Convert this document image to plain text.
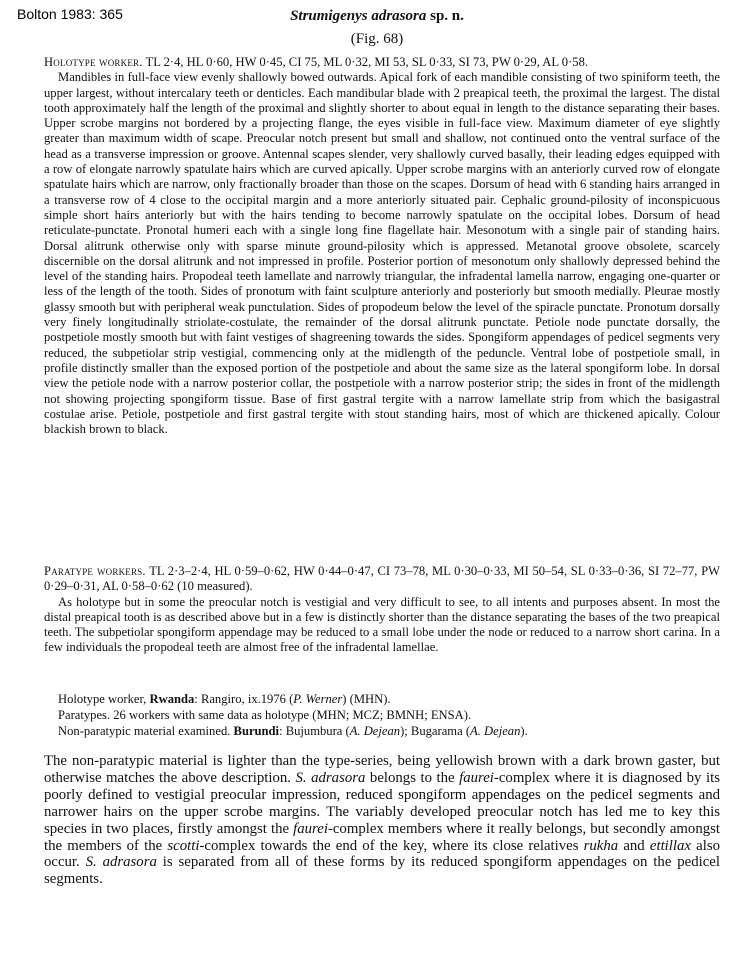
Bolton 1983: 365	Strumigenys adrasora sp. n.
(Fig. 68)

Holotype worker. TL 2·4, HL 0·60, HW 0·45, CI 75, ML 0·32, MI 53, SL 0·33, SI 73, PW 0·29, AL 0·58.

Mandibles in full-face view evenly shallowly bowed outwards. Apical fork of each mandible consisting of two spiniform teeth, the upper largest, without intercalary teeth or denticles. Each mandibular blade with 2 preapical teeth, the proximal the largest. The distal tooth approximately half the length of the proximal and slightly shorter to about equal in length to the distance separating their bases. Upper scrobe margins not bordered by a projecting flange, the eyes visible in full-face view. Maximum diameter of eye slightly greater than maximum width of scape. Preocular notch present but small and shallow, not continued onto the ventral surface of the head as a transverse impression or groove. Antennal scapes slender, very shallowly curved basally, their leading edges equipped with a row of elongate narrowly spatulate hairs which are curved apically. Upper scrobe margins with an anteriorly curved row of elongate spatulate hairs which are narrow, only fractionally broader than those on the scapes. Dorsum of head with 6 standing hairs arranged in a transverse row of 4 close to the occipital margin and a more anteriorly situated pair. Cephalic ground-pilosity of inconspicuous simple short hairs anteriorly but with the hairs tending to become narrowly spatulate on the occipital lobes. Dorsum of head reticulate-punctate. Pronotal humeri each with a single long fine flagellate hair. Mesonotum with a single pair of standing hairs. Dorsal alitrunk otherwise only with sparse minute ground-pilosity which is appressed. Metanotal groove obsolete, scarcely discernible on the dorsal alitrunk and not impressed in profile. Posterior portion of mesonotum only shallowly depressed behind the level of the standing hairs. Propodeal teeth lamellate and narrowly triangular, the infradental lamella narrow, engaging one-quarter or less of the length of the tooth. Sides of pronotum with faint sculpture anteriorly and posteriorly but smooth medially. Pleurae mostly glassy smooth but with peripheral weak punctulation. Sides of propodeum below the level of the spiracle punctate. Pronotum dorsally very finely longitudinally striolate-costulate, the remainder of the dorsal alitrunk punctate. Petiole node punctate dorsally, the postpetiole mostly smooth but with faint vestiges of shagreening towards the sides. Spongiform appendages of pedicel segments very reduced, the subpetiolar strip vestigial, commencing only at the midlength of the peduncle. Ventral lobe of postpetiole small, in profile distinctly smaller than the exposed portion of the postpetiole and about the same size as the lateral spongiform lobe. In dorsal view the petiole node with a narrow posterior collar, the postpetiole with a narrow posterior strip; the sides in front of the midlength not showing projecting spongiform tissue. Base of first gastral tergite with a narrow lamellate strip from which the basigastral costulae arise. Petiole, postpetiole and first gastral tergite with stout standing hairs, most of which are thickened apically. Colour blackish brown to black.

Paratype workers. TL 2·3–2·4, HL 0·59–0·62, HW 0·44–0·47, CI 73–78, ML 0·30–0·33, MI 50–54, SL 0·33–0·36, SI 72–77, PW 0·29–0·31, AL 0·58–0·62 (10 measured).

As holotype but in some the preocular notch is vestigial and very difficult to see, to all intents and purposes absent. In most the distal preapical tooth is as described above but in a few is distinctly shorter than the distance separating the bases of the two preapical teeth. The subpetiolar spongiform appendage may be reduced to a small lobe under the node or reduced to a narrow short carina. In a few individuals the propodeal teeth are almost free of the infradental lamellae.

Holotype worker, Rwanda: Rangiro, ix.1976 (P. Werner) (MHN).
Paratypes. 26 workers with same data as holotype (MHN; MCZ; BMNH; ENSA).
Non-paratypic material examined. Burundi: Bujumbura (A. Dejean); Bugarama (A. Dejean).
The non-paratypic material is lighter than the type-series, being yellowish brown with a dark brown gaster, but otherwise matches the above description. S. adrasora belongs to the faurei-complex where it is diagnosed by its poorly defined to vestigial preocular impression, reduced spongiform appendages on the pedicel segments and narrower hairs on the upper scrobe margins. The variably developed preocular notch has led me to key this species in two places, firstly amongst the faurei-complex members where it really belongs, but secondly amongst the members of the scotti-complex towards the end of the key, where its close relatives rukha and ettillax also occur. S. adrasora is separated from all of these forms by its reduced spongiform appendages on the pedicel segments.
